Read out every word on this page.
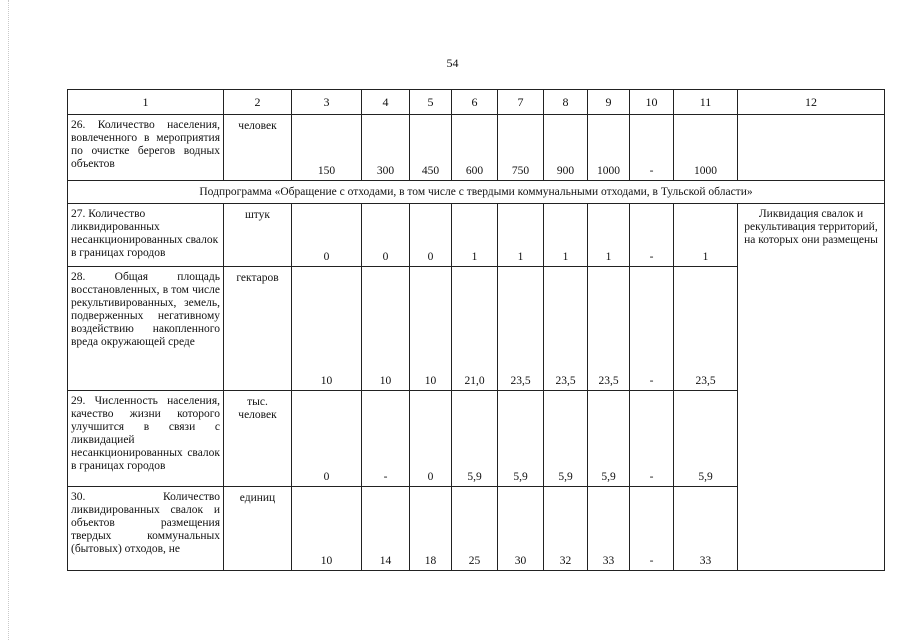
54
1	2	3	4	5	6	7	8	9	10	11	12
26. Количество населения, вовлеченного в мероприятия по очистке берегов водных объектов	человек	150	300	450	600	750	900	1000	-	1000	
Подпрограмма «Обращение с отходами, в том числе с твердыми коммунальными отходами, в Тульской области»											
27. Количество ликвидированных несанкционированных свалок в границах городов	штук	0	0	0	1	1	1	1	-	1	Ликвидация свалок и рекультивация территорий, на которых они размещены
28. Общая площадь восстановленных, в том числе рекультивированных, земель, подверженных негативному воздействию накопленного вреда окружающей среде	гектаров	10	10	10	21,0	23,5	23,5	23,5	-	23,5	
29. Численность населения, качество жизни которого улучшится в связи с ликвидацией несанкционированных свалок в границах городов	тыс. человек	0	-	0	5,9	5,9	5,9	5,9	-	5,9	
30. Количество ликвидированных свалок и объектов размещения твердых коммунальных (бытовых) отходов, не	единиц	10	14	18	25	30	32	33	-	33	
